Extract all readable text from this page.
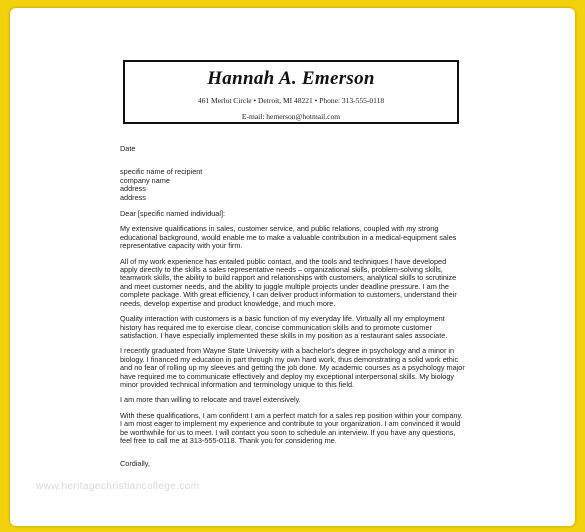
Hannah A. Emerson
461 Merlot Circle • Detroit, MI 48221 • Phone: 313-555-0118
E-mail: hemerson@hotmail.com

Date

specific name of recipient

company name

address

address

Dear [specific named individual]:

My extensive qualifications in sales, customer service, and public relations, coupled with my strong educational background, would enable me to make a valuable contribution in a medical-equipment sales representative capacity with your firm.

All of my work experience has entailed public contact, and the tools and techniques I have developed apply directly to the skills a sales representative needs – organizational skills, problem-solving skills, teamwork skills, the ability to build rapport and relationships with customers, analytical skills to scrutinize and meet customer needs, and the ability to juggle multiple projects under deadline pressure. I am the complete package. With great efficiency, I can deliver product information to customers, understand their needs, develop expertise and product knowledge, and much more.

Quality interaction with customers is a basic function of my everyday life. Virtually all my employment history has required me to exercise clear, concise communication skills and to promote customer satisfaction. I have especially implemented these skills in my position as a restaurant sales associate.

I recently graduated from Wayne State University with a bachelor's degree in psychology and a minor in biology. I financed my education in part through my own hard work, thus demonstrating a solid work ethic and no fear of rolling up my sleeves and getting the job done. My academic courses as a psychology major have required me to communicate effectively and deploy my exceptional interpersonal skills. My biology minor provided technical information and terminology unique to this field.

I am more than willing to relocate and travel extensively.

With these qualifications, I am confident I am a perfect match for a sales rep position within your company. I am most eager to implement my experience and contribute to your organization. I am convinced it would be worthwhile for us to meet. I will contact you soon to schedule an interview. If you have any questions, feel free to call me at 313-555-0118. Thank you for considering me.

Cordially,

www.heritagechristiancollege.com
